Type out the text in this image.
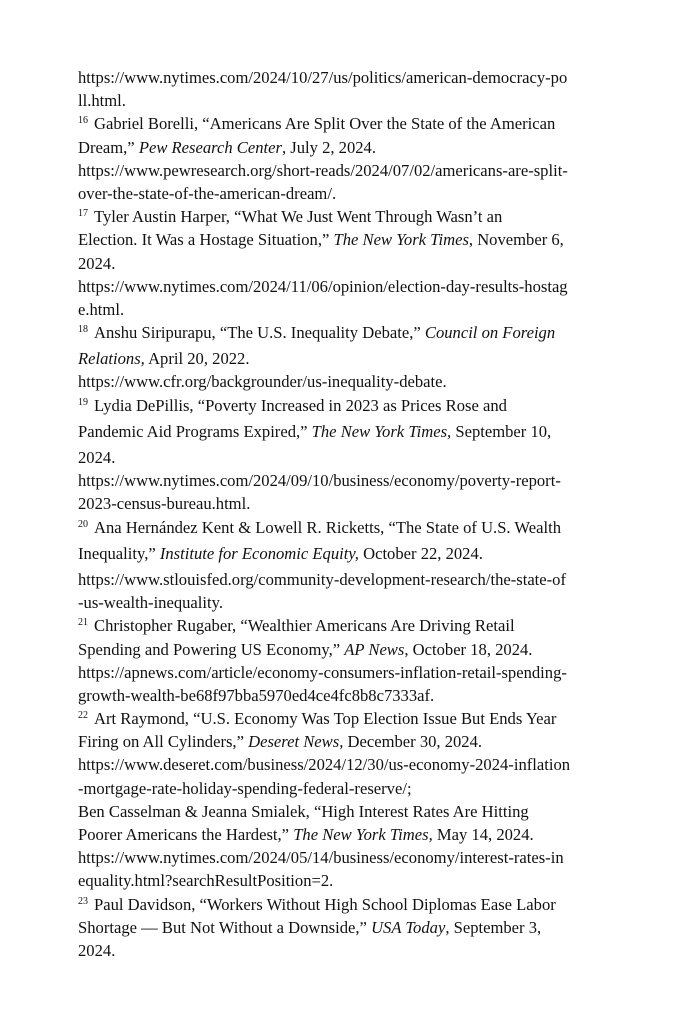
https://www.nytimes.com/2024/10/27/us/politics/american-democracy-po
ll.html.
$^{16}$ Gabriel Borelli, “Americans Are Split Over the State of the American
Dream,” Pew Research Center, July 2, 2024.
https://www.pewresearch.org/short-reads/2024/07/02/americans-are-split-
over-the-state-of-the-american-dream/.
$^{17}$ Tyler Austin Harper, “What We Just Went Through Wasn’t an
Election. It Was a Hostage Situation,” The New York Times, November 6,
2024.
https://www.nytimes.com/2024/11/06/opinion/election-day-results-hostag
e.html.
$^{18}$ Anshu Siripurapu, “The U.S. Inequality Debate,” Council on Foreign
Relations, April 20, 2022.
https://www.cfr.org/backgrounder/us-inequality-debate.
$^{19}$ Lydia DePillis, “Poverty Increased in 2023 as Prices Rose and
Pandemic Aid Programs Expired,” The New York Times, September 10,
2024.
https://www.nytimes.com/2024/09/10/business/economy/poverty-report-
2023-census-bureau.html.
$^{20}$ Ana Hernández Kent & Lowell R. Ricketts, “The State of U.S. Wealth
Inequality,” Institute for Economic Equity, October 22, 2024.
https://www.stlouisfed.org/community-development-research/the-state-of
-us-wealth-inequality.
$^{21}$ Christopher Rugaber, “Wealthier Americans Are Driving Retail
Spending and Powering US Economy,” AP News, October 18, 2024.
https://apnews.com/article/economy-consumers-inflation-retail-spending-
growth-wealth-be68f97bba5970ed4ce4fc8b8c7333af.
$^{22}$ Art Raymond, “U.S. Economy Was Top Election Issue But Ends Year
Firing on All Cylinders,” Deseret News, December 30, 2024.
https://www.deseret.com/business/2024/12/30/us-economy-2024-inflation
-mortgage-rate-holiday-spending-federal-reserve/;
Ben Casselman & Jeanna Smialek, “High Interest Rates Are Hitting
Poorer Americans the Hardest,” The New York Times, May 14, 2024.
https://www.nytimes.com/2024/05/14/business/economy/interest-rates-in
equality.html?searchResultPosition=2.
$^{23}$ Paul Davidson, “Workers Without High School Diplomas Ease Labor
Shortage — But Not Without a Downside,” USA Today, September 3,
2024.
